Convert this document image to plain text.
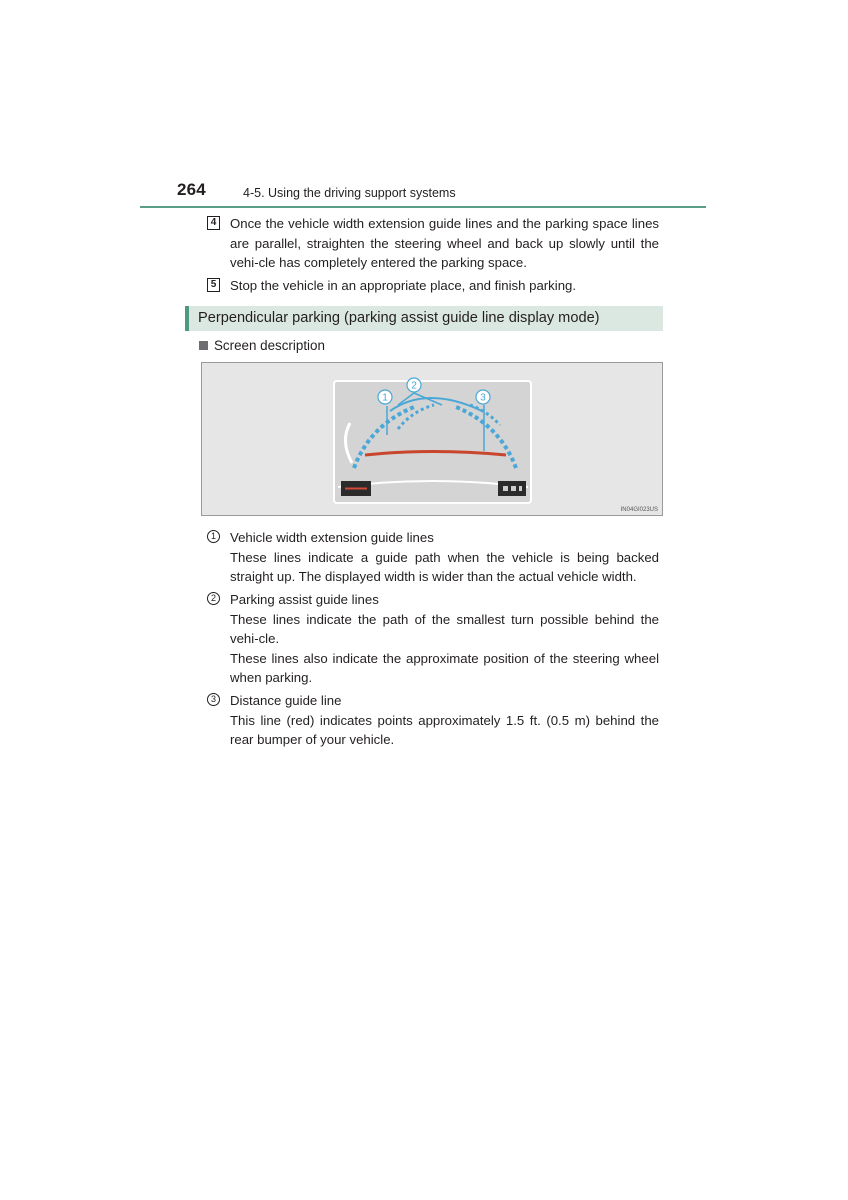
264	4-5. Using the driving support systems
4 Once the vehicle width extension guide lines and the parking space lines are parallel, straighten the steering wheel and back up slowly until the vehi-cle has completely entered the parking space.
5 Stop the vehicle in an appropriate place, and finish parking.
Perpendicular parking (parking assist guide line display mode)
Screen description
1
2
3
IN04GI023US
1	Vehicle width extension guide lines
These lines indicate a guide path when the vehicle is being backed straight up. The displayed width is wider than the actual vehicle width.
2	Parking assist guide lines
These lines indicate the path of the smallest turn possible behind the vehi-cle.
These lines also indicate the approximate position of the steering wheel when parking.
3	Distance guide line
This line (red) indicates points approximately 1.5 ft. (0.5 m) behind the rear bumper of your vehicle.
